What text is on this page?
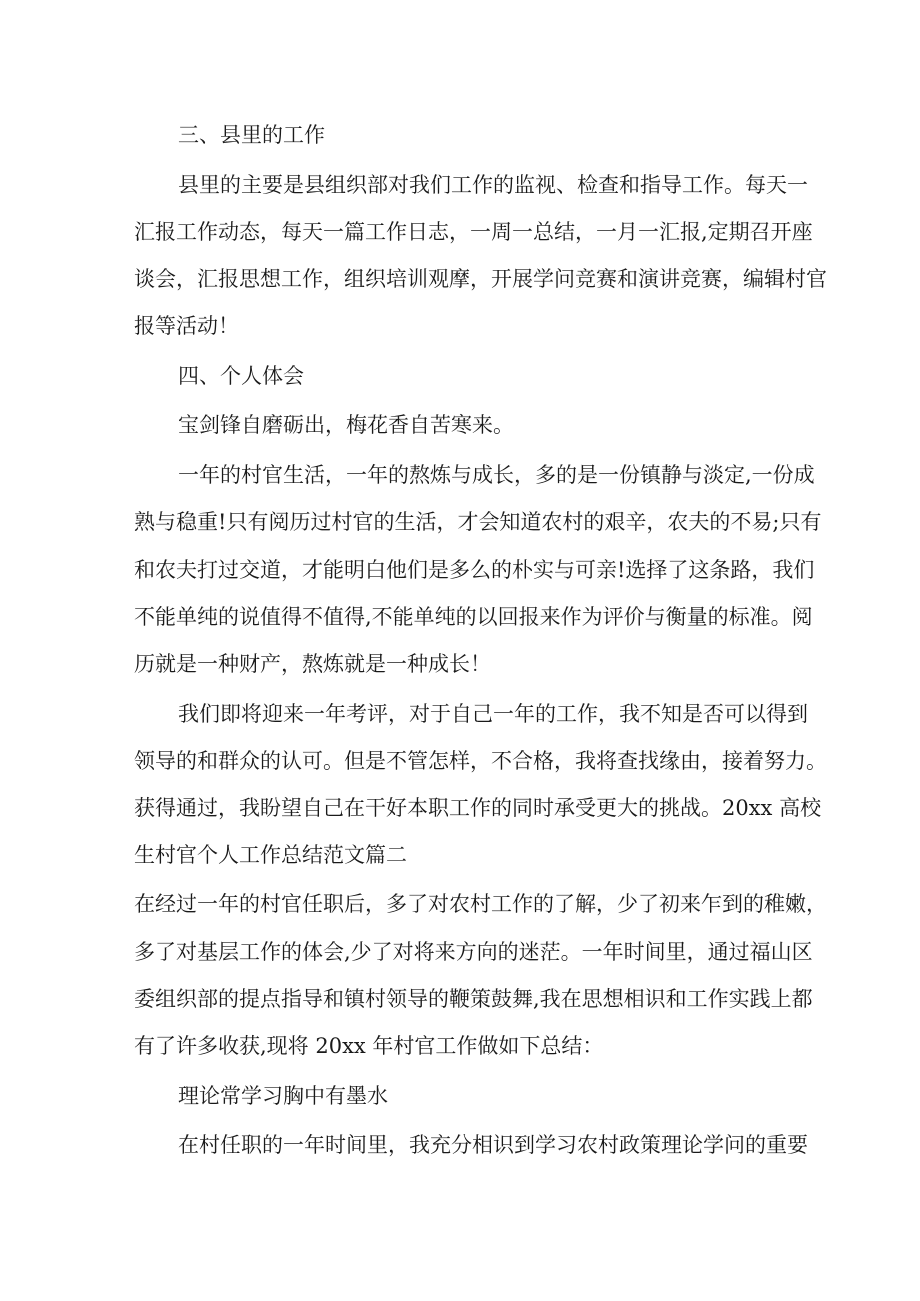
三、县里的工作

县里的主要是县组织部对我们工作的监视、检查和指导工作。每天一

汇报工作动态，每天一篇工作日志，一周一总结，一月一汇报,定期召开座

谈会，汇报思想工作，组织培训观摩，开展学问竞赛和演讲竞赛，编辑村官

报等活动！

四、个人体会

宝剑锋自磨砺出，梅花香自苦寒来。

一年的村官生活，一年的熬炼与成长，多的是一份镇静与淡定,一份成

熟与稳重!只有阅历过村官的生活，才会知道农村的艰辛，农夫的不易;只有

和农夫打过交道，才能明白他们是多么的朴实与可亲!选择了这条路，我们

不能单纯的说值得不值得,不能单纯的以回报来作为评价与衡量的标准。阅

历就是一种财产，熬炼就是一种成长！

我们即将迎来一年考评，对于自己一年的工作，我不知是否可以得到

领导的和群众的认可。但是不管怎样，不合格，我将查找缘由，接着努力。

获得通过，我盼望自己在干好本职工作的同时承受更大的挑战。20xx 高校

生村官个人工作总结范文篇二

在经过一年的村官任职后，多了对农村工作的了解，少了初来乍到的稚嫩，

多了对基层工作的体会,少了对将来方向的迷茫。一年时间里，通过福山区

委组织部的提点指导和镇村领导的鞭策鼓舞,我在思想相识和工作实践上都

有了许多收获,现将 20xx 年村官工作做如下总结：

理论常学习胸中有墨水

在村任职的一年时间里，我充分相识到学习农村政策理论学问的重要
